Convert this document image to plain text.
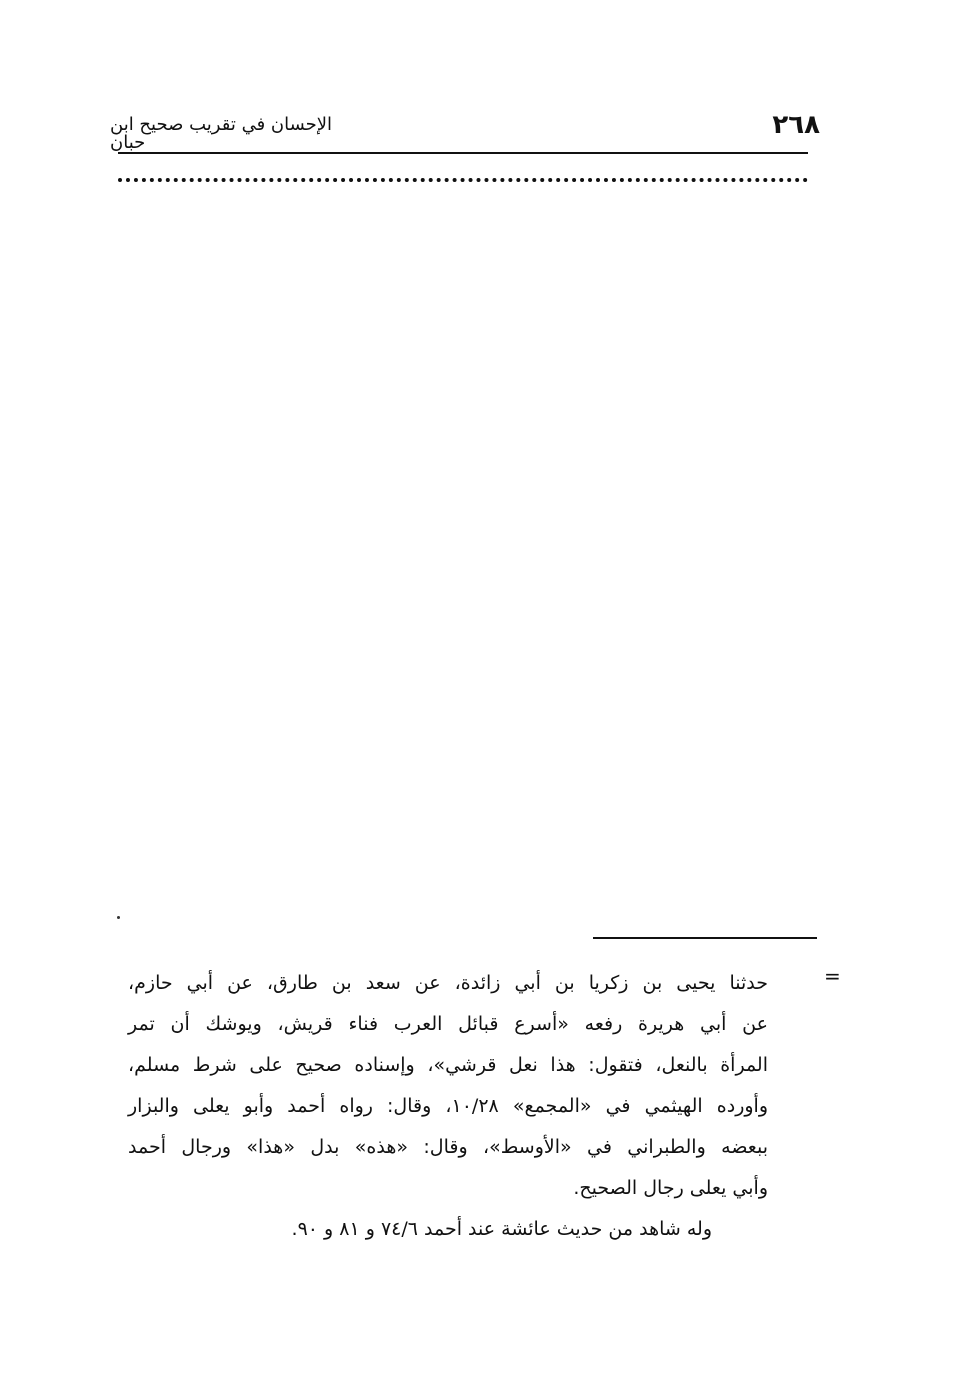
٢٦٨
الإحسان في تقريب صحيح ابن حبان
=
حدثنا يحيى بن زكريا بن أبي زائدة، عن سعد بن طارق، عن أبي حازم،
عن أبي هريرة رفعه «أسرع قبائل العرب فناء قريش، ويوشك أن تمر
المرأة بالنعل، فتقول: هذا نعل قرشي»، وإسناده صحيح على شرط مسلم،
وأورده الهيثمي في «المجمع» ١٠/٢٨، وقال: رواه أحمد وأبو يعلى والبزار
ببعضه والطبراني في «الأوسط»، وقال: «هذه» بدل «هذا» ورجال أحمد
وأبي يعلى رجال الصحيح.
وله شاهد من حديث عائشة عند أحمد ٧٤/٦ و ٨١ و ٩٠.
